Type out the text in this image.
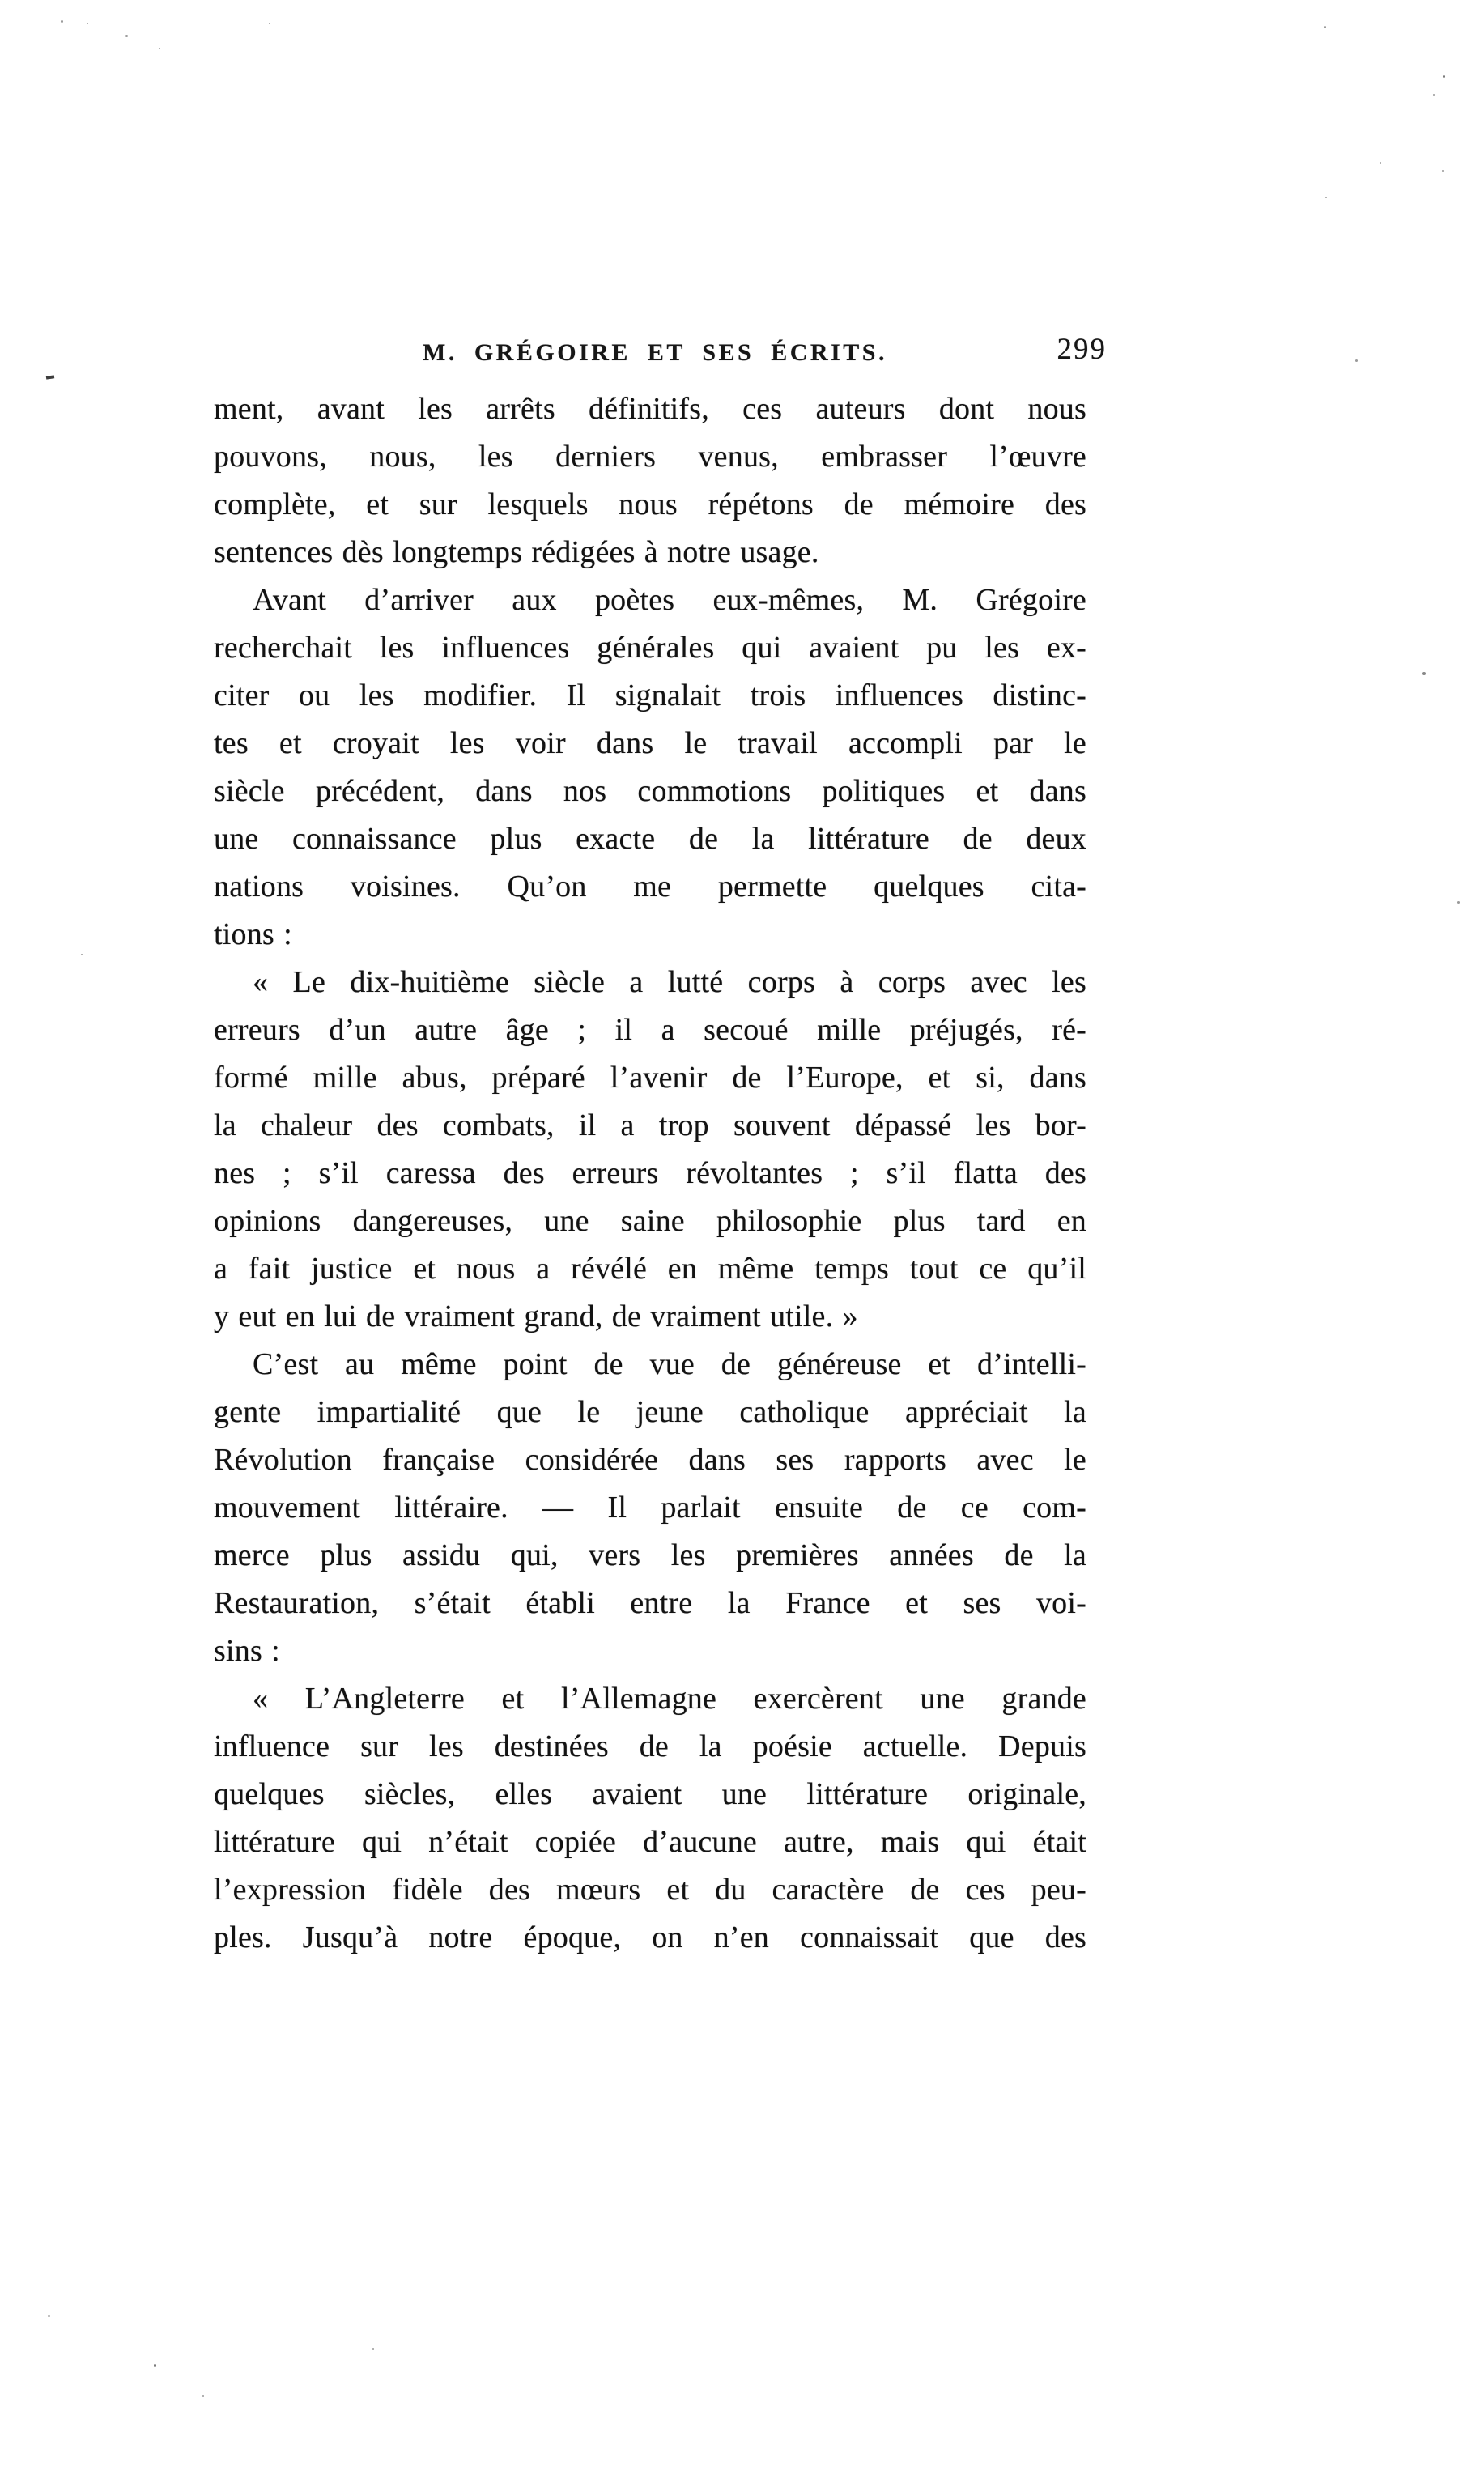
M. GRÉGOIRE ET SES ÉCRITS.	299
ment, avant les arrêts définitifs, ces auteurs dont nous
pouvons, nous, les derniers venus, embrasser l’œuvre
complète, et sur lesquels nous répétons de mémoire des
sentences dès longtemps rédigées à notre usage.
Avant d’arriver aux poètes eux-mêmes, M. Grégoire
recherchait les influences générales qui avaient pu les ex-
citer ou les modifier. Il signalait trois influences distinc-
tes et croyait les voir dans le travail accompli par le
siècle précédent, dans nos commotions politiques et dans
une connaissance plus exacte de la littérature de deux
nations voisines. Qu’on me permette quelques cita-
tions :
« Le dix-huitième siècle a lutté corps à corps avec les
erreurs d’un autre âge ; il a secoué mille préjugés, ré-
formé mille abus, préparé l’avenir de l’Europe, et si, dans
la chaleur des combats, il a trop souvent dépassé les bor-
nes ; s’il caressa des erreurs révoltantes ; s’il flatta des
opinions dangereuses, une saine philosophie plus tard en
a fait justice et nous a révélé en même temps tout ce qu’il
y eut en lui de vraiment grand, de vraiment utile. »
C’est au même point de vue de généreuse et d’intelli-
gente impartialité que le jeune catholique appréciait la
Révolution française considérée dans ses rapports avec le
mouvement littéraire. — Il parlait ensuite de ce com-
merce plus assidu qui, vers les premières années de la
Restauration, s’était établi entre la France et ses voi-
sins :
« L’Angleterre et l’Allemagne exercèrent une grande
influence sur les destinées de la poésie actuelle. Depuis
quelques siècles, elles avaient une littérature originale,
littérature qui n’était copiée d’aucune autre, mais qui était
l’expression fidèle des mœurs et du caractère de ces peu-
ples. Jusqu’à notre époque, on n’en connaissait que des
